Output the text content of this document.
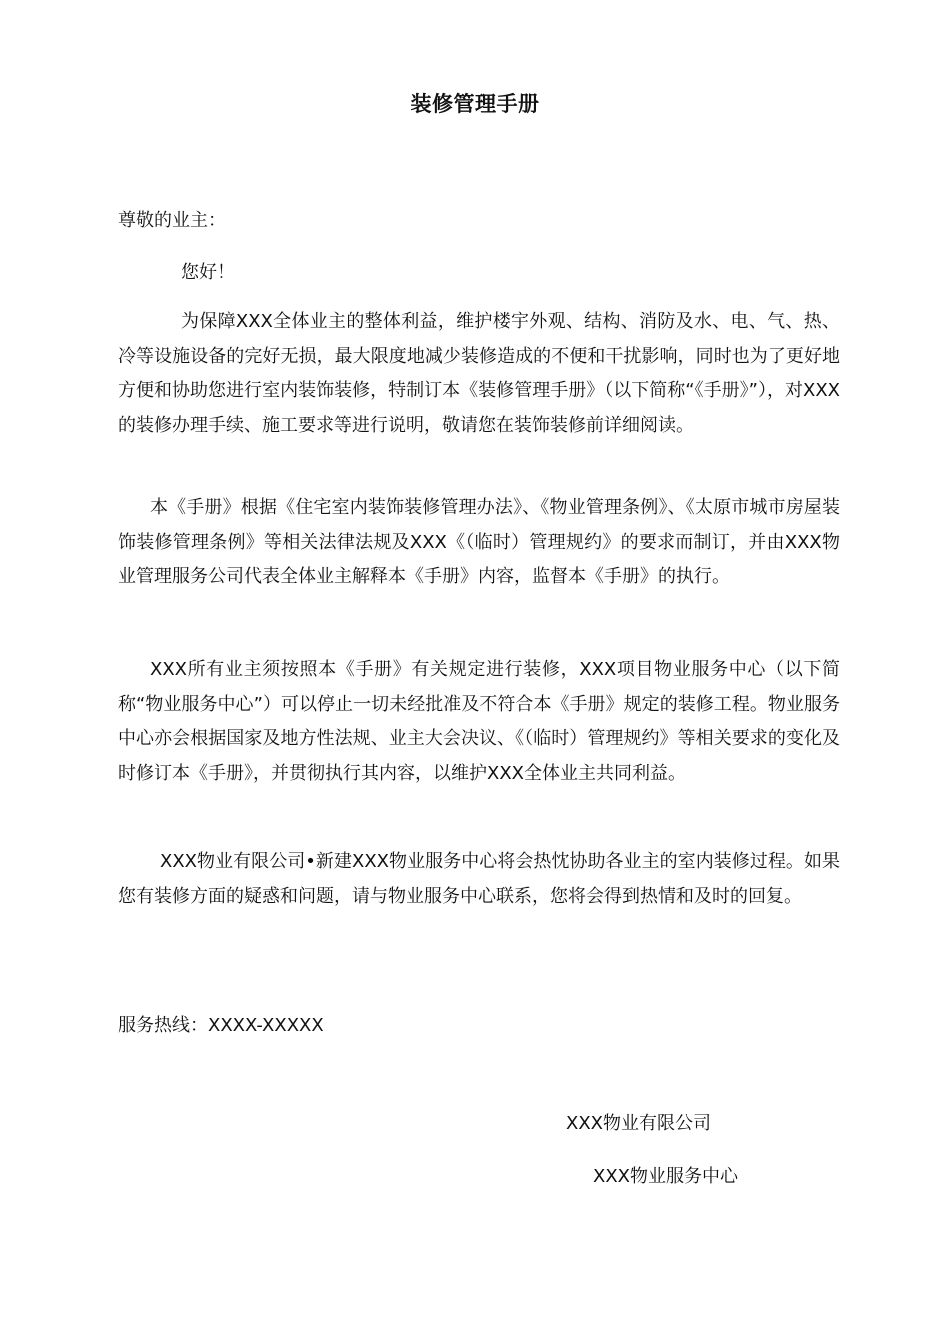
装修管理手册
尊敬的业主：
您好！

为保障XXX全体业主的整体利益，维护楼宇外观、结构、消防及水、电、气、热、冷等设施设备的完好无损，最大限度地减少装修造成的不便和干扰影响，同时也为了更好地方便和协助您进行室内装饰装修，特制订本《装修管理手册》（以下简称“《手册》”），对XXX的装修办理手续、施工要求等进行说明，敬请您在装饰装修前详细阅读。

本《手册》根据《住宅室内装饰装修管理办法》、《物业管理条例》、《太原市城市房屋装饰装修管理条例》等相关法律法规及XXX《（临时）管理规约》的要求而制订，并由XXX物业管理服务公司代表全体业主解释本《手册》内容，监督本《手册》的执行。

XXX所有业主须按照本《手册》有关规定进行装修，XXX项目物业服务中心（以下简称“物业服务中心”）可以停止一切未经批准及不符合本《手册》规定的装修工程。物业服务中心亦会根据国家及地方性法规、业主大会决议、《（临时）管理规约》等相关要求的变化及时修订本《手册》，并贯彻执行其内容，以维护XXX全体业主共同利益。

XXX物业有限公司•新建XXX物业服务中心将会热忱协助各业主的室内装修过程。如果您有装修方面的疑惑和问题，请与物业服务中心联系，您将会得到热情和及时的回复。

服务热线：XXXX-XXXXX
XXX物业有限公司
XXX物业服务中心
